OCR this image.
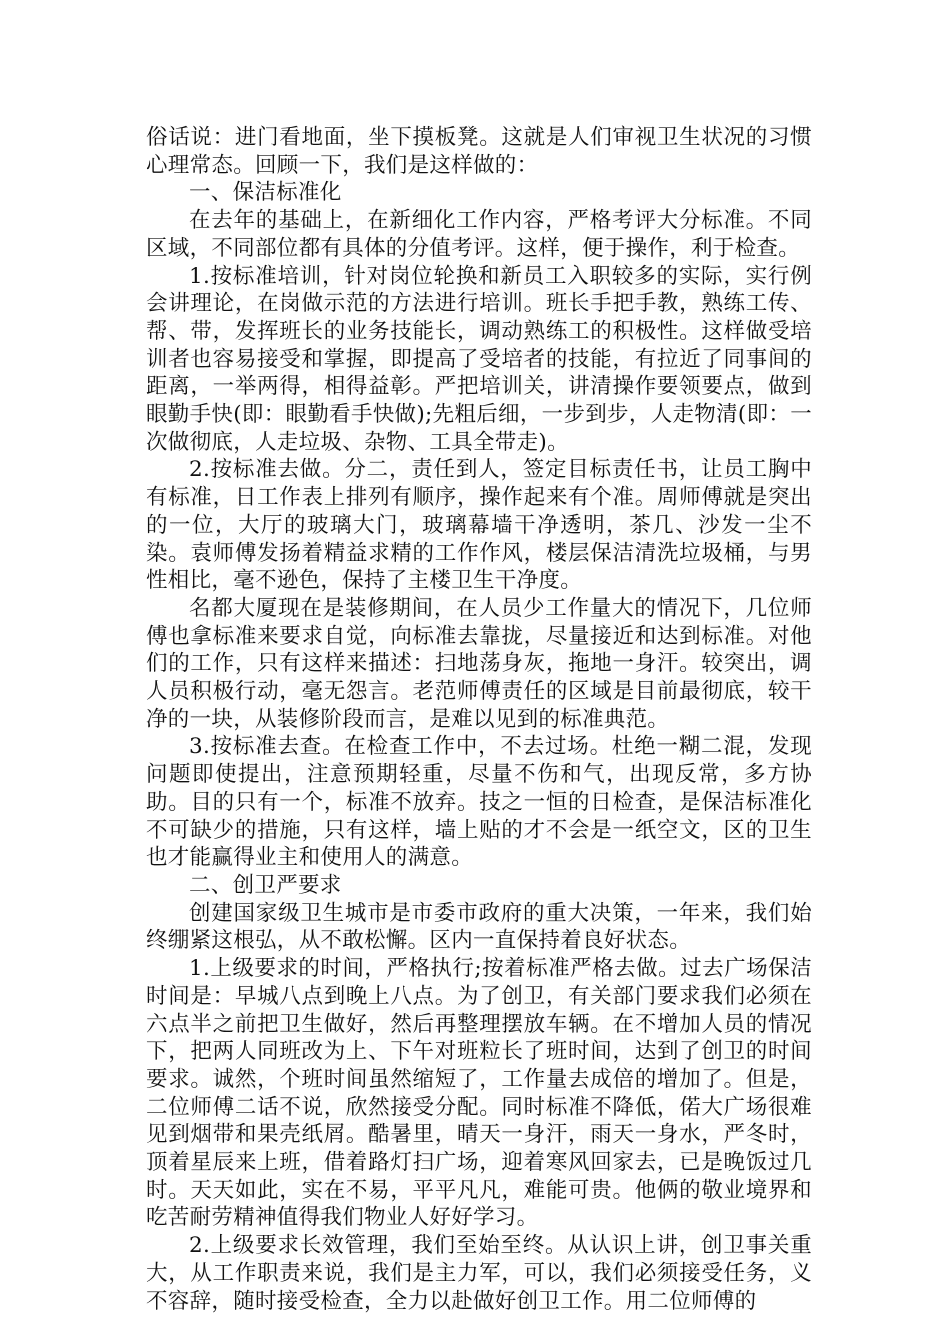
俗话说：进门看地面，坐下摸板凳。这就是人们审视卫生状况的习惯心理常态。回顾一下，我们是这样做的：

一、保洁标准化

在去年的基础上，在新细化工作内容，严格考评大分标准。不同区域，不同部位都有具体的分值考评。这样，便于操作，利于检查。

1.按标准培训，针对岗位轮换和新员工入职较多的实际，实行例会讲理论，在岗做示范的方法进行培训。班长手把手教，熟练工传、帮、带，发挥班长的业务技能长，调动熟练工的积极性。这样做受培训者也容易接受和掌握，即提高了受培者的技能，有拉近了同事间的距离，一举两得，相得益彰。严把培训关，讲清操作要领要点，做到眼勤手快(即：眼勤看手快做);先粗后细，一步到步，人走物清(即：一次做彻底，人走垃圾、杂物、工具全带走)。

2.按标准去做。分二，责任到人，签定目标责任书，让员工胸中有标准，日工作表上排列有顺序，操作起来有个准。周师傅就是突出的一位，大厅的玻璃大门，玻璃幕墙干净透明，茶几、沙发一尘不染。袁师傅发扬着精益求精的工作作风，楼层保洁清洗垃圾桶，与男性相比，毫不逊色，保持了主楼卫生干净度。

名都大厦现在是装修期间，在人员少工作量大的情况下，几位师傅也拿标准来要求自觉，向标准去靠拢，尽量接近和达到标准。对他们的工作，只有这样来描述：扫地荡身灰，拖地一身汗。较突出，调人员积极行动，毫无怨言。老范师傅责任的区域是目前最彻底，较干净的一块，从装修阶段而言，是难以见到的标准典范。

3.按标准去查。在检查工作中，不去过场。杜绝一糊二混，发现问题即使提出，注意预期轻重，尽量不伤和气，出现反常，多方协助。目的只有一个，标准不放弃。技之一恒的日检查，是保洁标准化不可缺少的措施，只有这样，墙上贴的才不会是一纸空文，区的卫生也才能赢得业主和使用人的满意。

二、创卫严要求

创建国家级卫生城市是市委市政府的重大决策，一年来，我们始终绷紧这根弘，从不敢松懈。区内一直保持着良好状态。

1.上级要求的时间，严格执行;按着标准严格去做。过去广场保洁时间是：早城八点到晚上八点。为了创卫，有关部门要求我们必须在六点半之前把卫生做好，然后再整理摆放车辆。在不增加人员的情况下，把两人同班改为上、下午对班粒长了班时间，达到了创卫的时间要求。诚然，个班时间虽然缩短了，工作量去成倍的增加了。但是，二位师傅二话不说，欣然接受分配。同时标准不降低，偌大广场很难见到烟带和果壳纸屑。酷暑里，晴天一身汗，雨天一身水，严冬时，顶着星辰来上班，借着路灯扫广场，迎着寒风回家去，已是晚饭过几时。天天如此，实在不易，平平凡凡，难能可贵。他俩的敬业境界和吃苦耐劳精神值得我们物业人好好学习。

2.上级要求长效管理，我们至始至终。从认识上讲，创卫事关重大，从工作职责来说，我们是主力军，可以，我们必须接受任务，义不容辞，随时接受检查，全力以赴做好创卫工作。用二位师傅的
